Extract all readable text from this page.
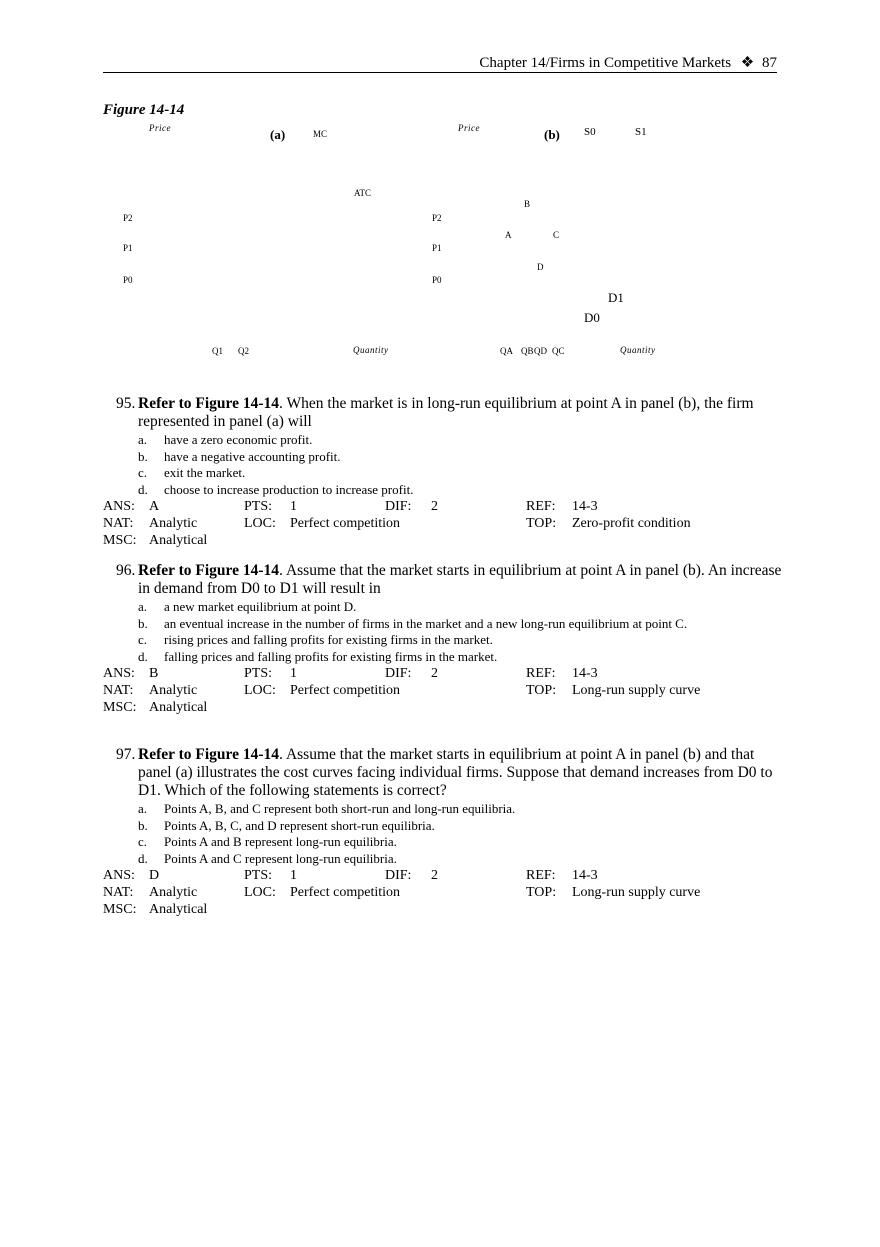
Chapter 14/Firms in Competitive Markets ❖ 87
Figure 14-14
Price	(a)	MC
ATC
P2
P1
P0
Q1 Q2	Quantity
Price	(b) S0	S1
B
P2
A	C
P1
D
P0
D1
D0
QA QB QD QC	Quantity
95. Refer to Figure 14-14. When the market is in long-run equilibrium at point A in panel (b), the firm represented in panel (a) will
a.	have a zero economic profit.
b.	have a negative accounting profit.
c.	exit the market.
d.	choose to increase production to increase profit.
ANS: A	PTS: 1	DIF: 2	REF: 14-3
NAT: Analytic	LOC: Perfect competition	TOP: Zero-profit condition
MSC: Analytical
96. Refer to Figure 14-14. Assume that the market starts in equilibrium at point A in panel (b). An increase in demand from D0 to D1 will result in
a.	a new market equilibrium at point D.
b.	an eventual increase in the number of firms in the market and a new long-run equilibrium at point C.
c.	rising prices and falling profits for existing firms in the market.
d.	falling prices and falling profits for existing firms in the market.
ANS: B	PTS: 1	DIF: 2	REF: 14-3
NAT: Analytic	LOC: Perfect competition	TOP: Long-run supply curve
MSC: Analytical
97. Refer to Figure 14-14. Assume that the market starts in equilibrium at point A in panel (b) and that panel (a) illustrates the cost curves facing individual firms. Suppose that demand increases from D0 to D1. Which of the following statements is correct?
a.	Points A, B, and C represent both short-run and long-run equilibria.
b.	Points A, B, C, and D represent short-run equilibria.
c.	Points A and B represent long-run equilibria.
d.	Points A and C represent long-run equilibria.
ANS: D	PTS: 1	DIF: 2	REF: 14-3
NAT: Analytic	LOC: Perfect competition	TOP: Long-run supply curve
MSC: Analytical
